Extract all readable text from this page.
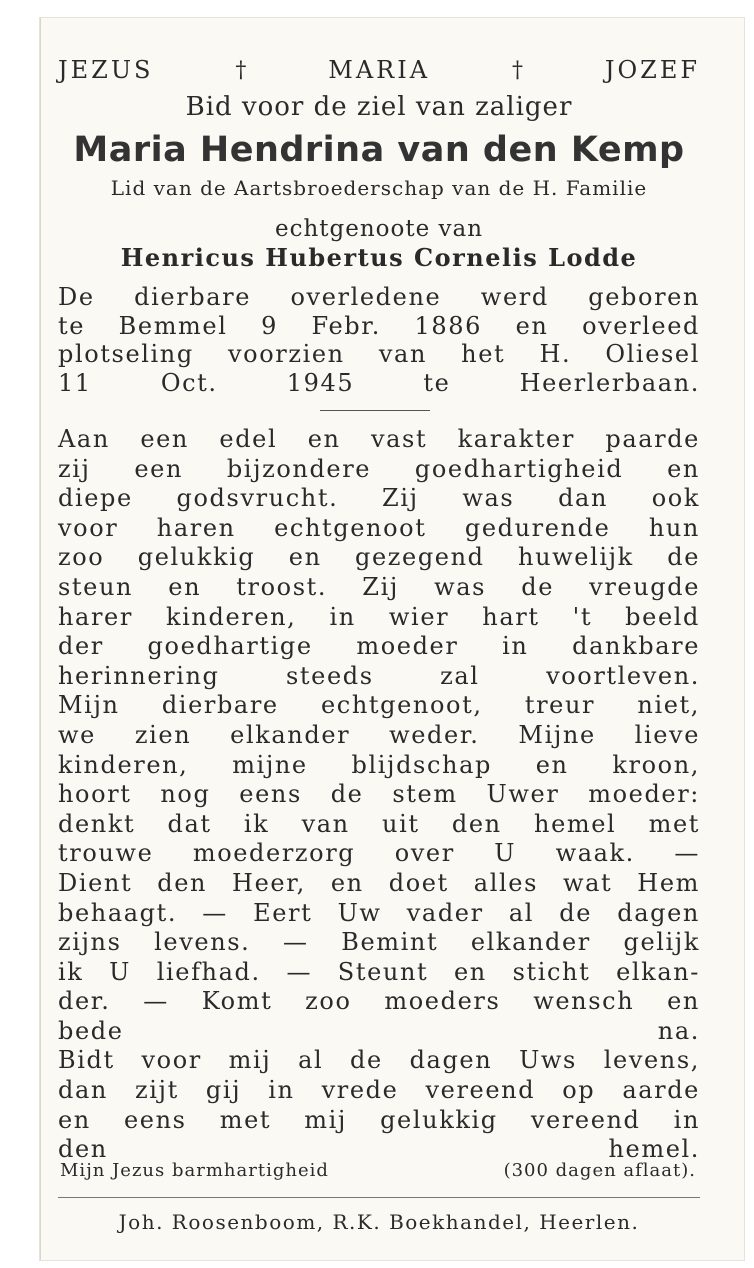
JEZUS	†	MARIA	†	JOZEF
Bid voor de ziel van zaliger
Maria Hendrina van den Kemp
Lid van de Aartsbroederschap van de H. Familie
echtgenoote van
Henricus Hubertus Cornelis Lodde
De dierbare overledene werd geboren
te Bemmel 9 Febr. 1886 en overleed
plotseling voorzien van het H. Oliesel
11 Oct. 1945 te Heerlerbaan.
Aan een edel en vast karakter paarde
zij een bijzondere goedhartigheid en
diepe godsvrucht. Zij was dan ook
voor haren echtgenoot gedurende hun
zoo gelukkig en gezegend huwelijk de
steun en troost. Zij was de vreugde
harer kinderen, in wier hart 't beeld
der goedhartige moeder in dankbare
herinnering steeds zal voortleven.
Mijn dierbare echtgenoot, treur niet,
we zien elkander weder. Mijne lieve
kinderen, mijne blijdschap en kroon,
hoort nog eens de stem Uwer moeder:
denkt dat ik van uit den hemel met
trouwe moederzorg over U waak. —
Dient den Heer, en doet alles wat Hem
behaagt. — Eert Uw vader al de dagen
zijns levens. — Bemint elkander gelijk
ik U liefhad. — Steunt en sticht elkan-
der. — Komt zoo moeders wensch en
bede na.
Bidt voor mij al de dagen Uws levens,
dan zijt gij in vrede vereend op aarde
en eens met mij gelukkig vereend in
den hemel.
Mijn Jezus barmhartigheid	(300 dagen aflaat).
Joh. Roosenboom, R.K. Boekhandel, Heerlen.
